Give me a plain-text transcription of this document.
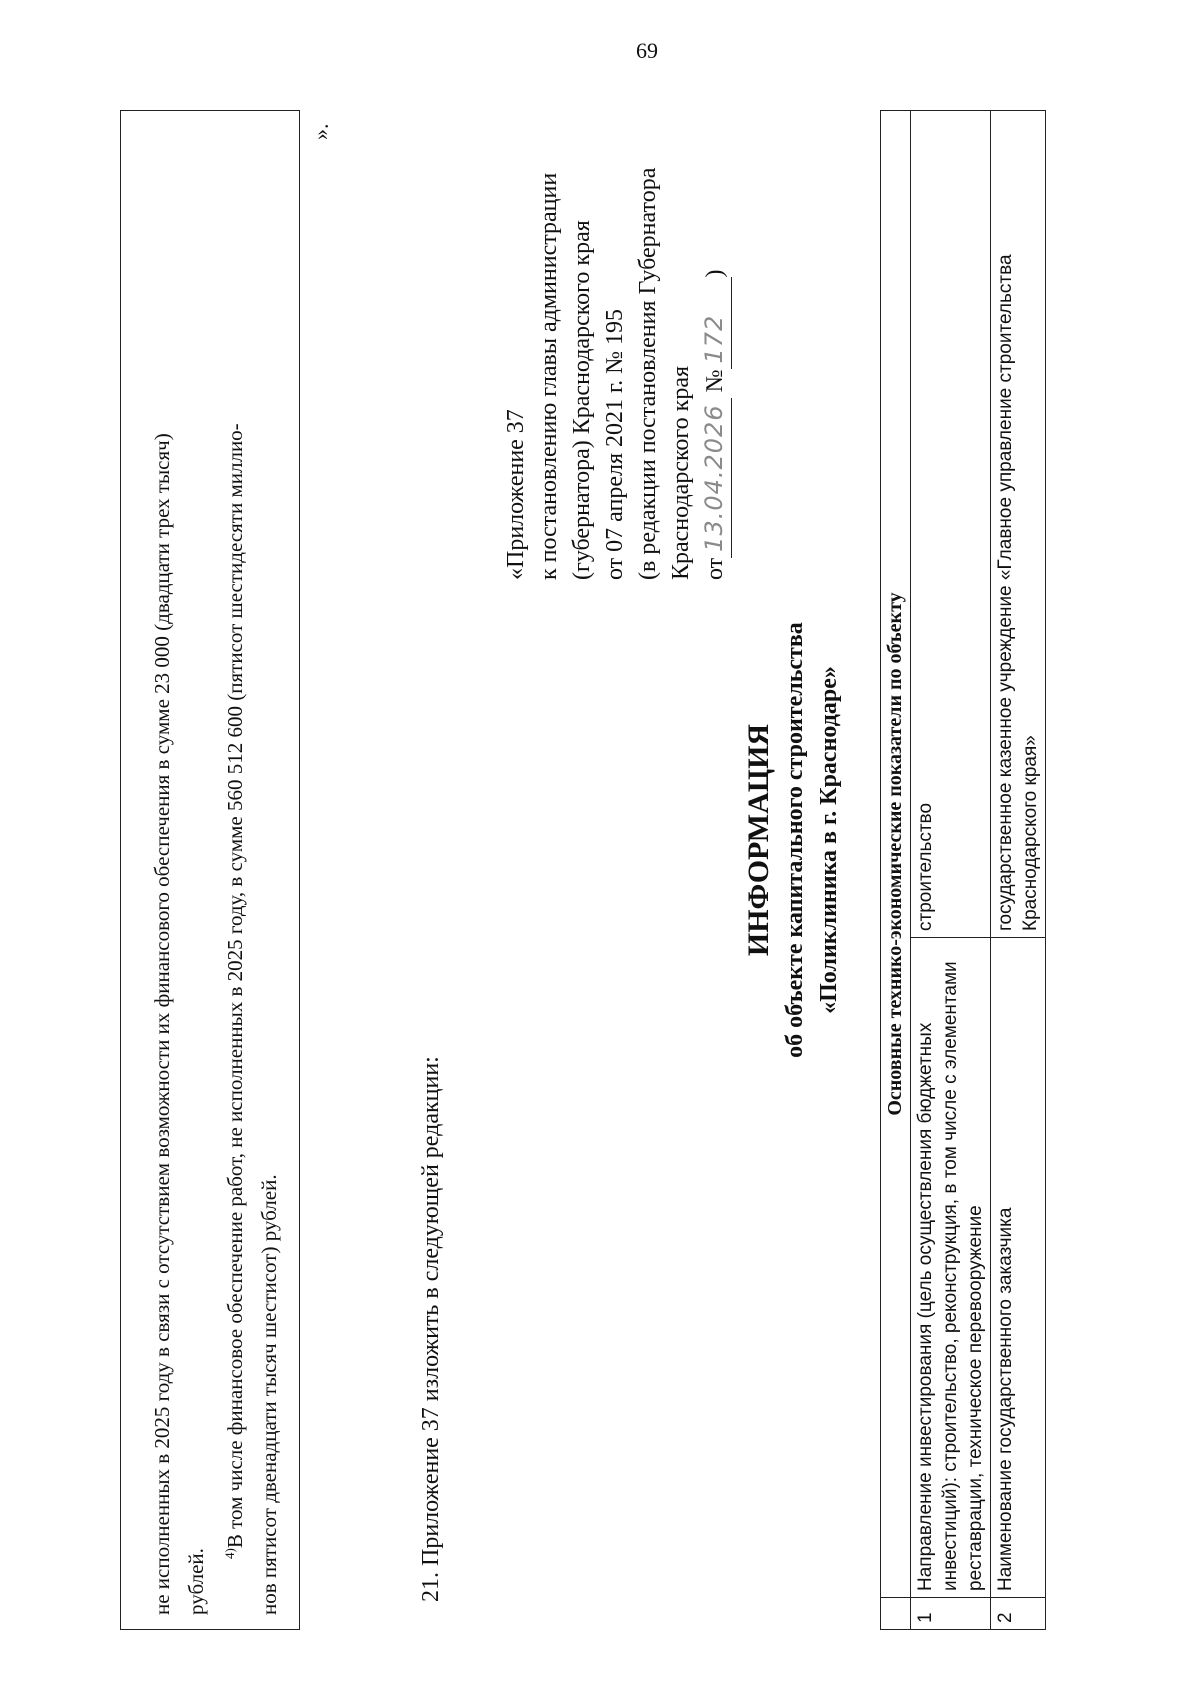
69

не исполненных в 2025 году в связи с отсутствием возможности их финансового обеспечения в сумме 23 000 (двадцати трех тысяч) рублей.	$^{4)}$В том числе финансовое обеспечение работ, не исполненных в 2025 году, в сумме 560 512 600 (пятисот шестидесяти миллио- нов пятисот двенадцати тысяч шестисот) рублей.

».
21. Приложение 37 изложить в следующей редакции:
«Приложение 37 к постановлению главы администрации (губернатора) Краснодарского края от 07 апреля 2021 г. № 195 (в редакции постановления Губернатора Краснодарского края от13.04.2026 №172)
ИНФОРМАЦИЯ об объекте капитального строительства «Поликлиника в г. Краснодаре»
	Основные технико-экономические показатели по объекту	
1	Направление инвестирования (цель осуществления бюджетных инвестиций): строительство, реконструкция, в том числе с элементами реставрации, техническое перевооружение	строительство
2	Наименование государственного заказчика	государственное казенное учреждение «Главное управление строительства Краснодарского края»
